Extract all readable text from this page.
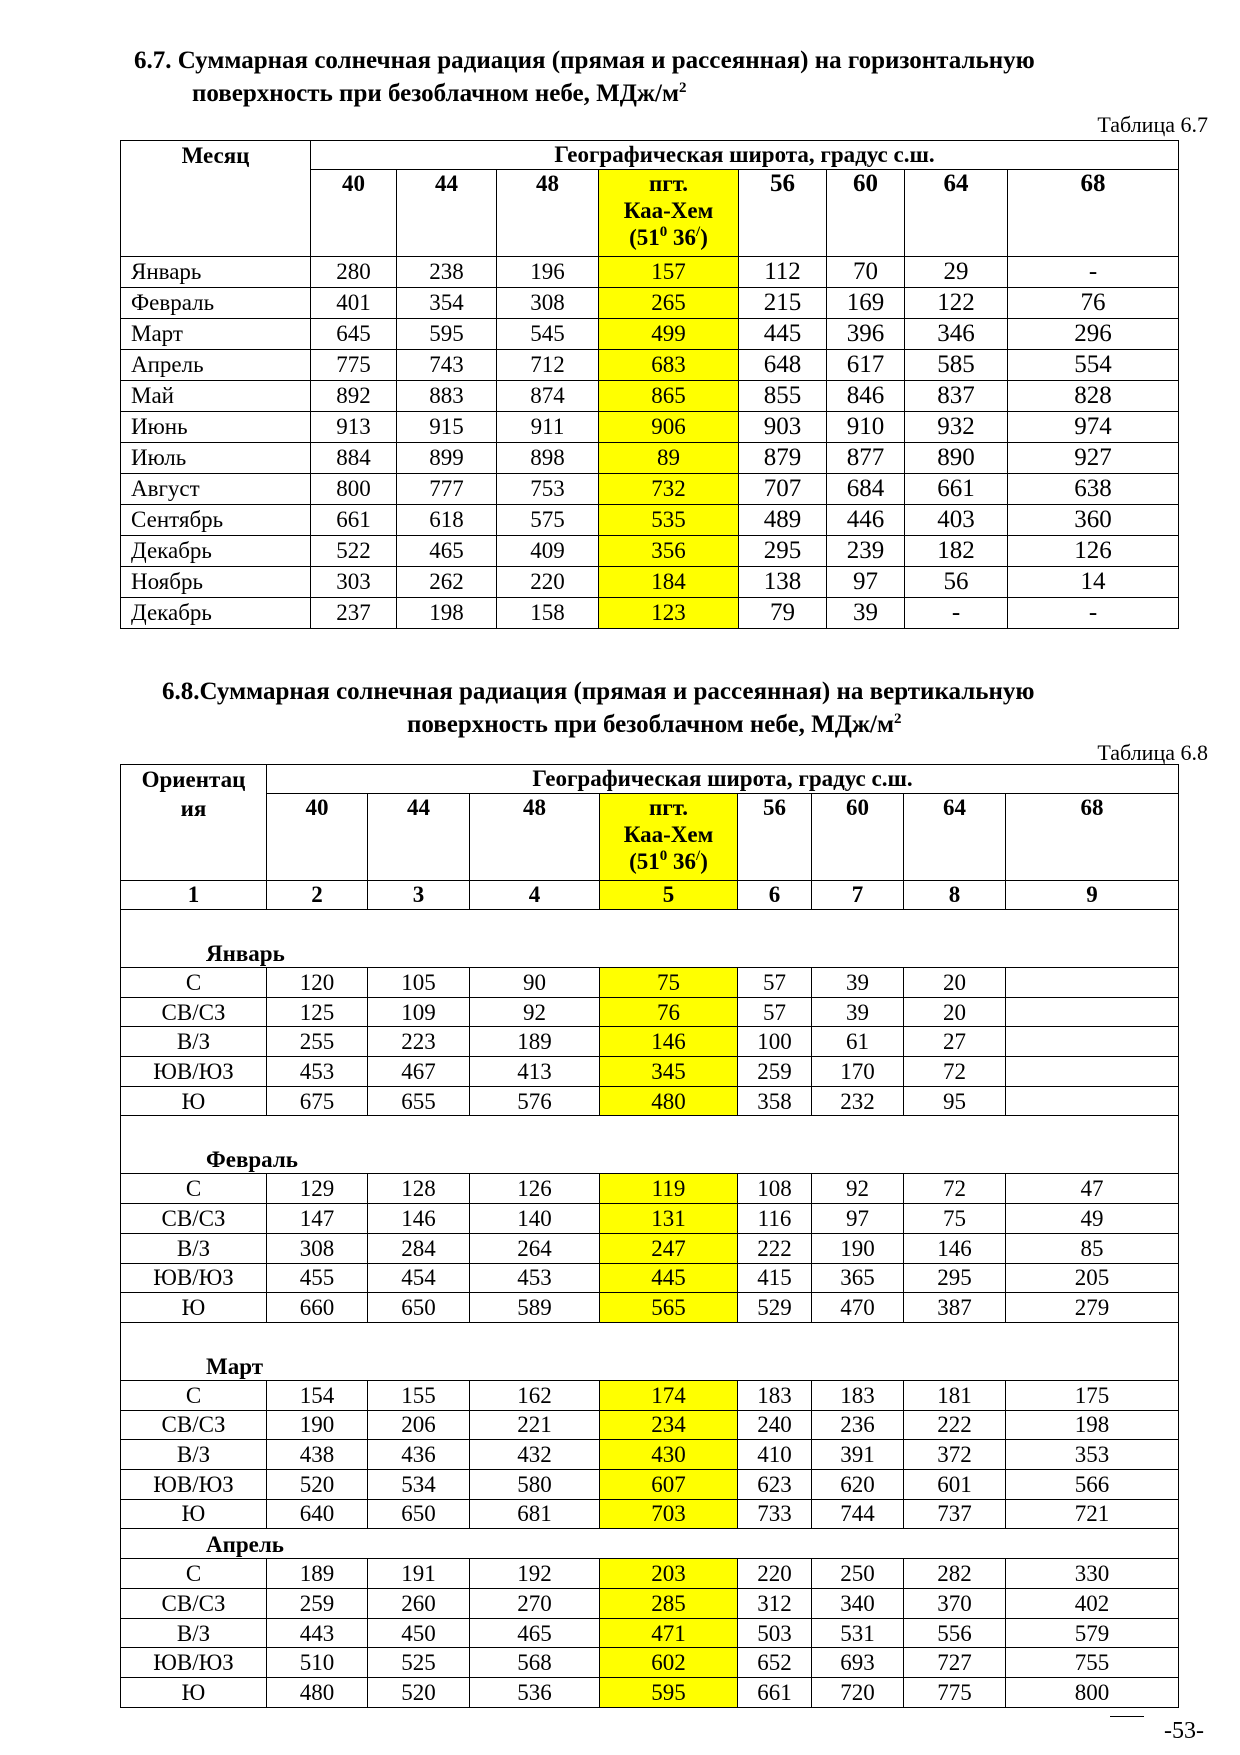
6.7. Суммарная солнечная радиация (прямая и рассеянная) на горизонтальную
поверхность при безоблачном небе, МДж/$м^2$
Таблица 6.7
Месяц	Географическая широта, градус с.ш.							
	40	44	48	пгт.
Каа-Хем
($51^0$ 36/)	56	60	64	68
Январь	280	238	196	157	112	70	29	-
Февраль	401	354	308	265	215	169	122	76
Март	645	595	545	499	445	396	346	296
Апрель	775	743	712	683	648	617	585	554
Май	892	883	874	865	855	846	837	828
Июнь	913	915	911	906	903	910	932	974
Июль	884	899	898	89	879	877	890	927
Август	800	777	753	732	707	684	661	638
Сентябрь	661	618	575	535	489	446	403	360
Декабрь	522	465	409	356	295	239	182	126
Ноябрь	303	262	220	184	138	97	56	14
Декабрь	237	198	158	123	79	39	-	-
6.8.Суммарная солнечная радиация (прямая и рассеянная) на вертикальную
поверхность при безоблачном небе, МДж/$м^2$
Таблица 6.8
Ориентац
ия	Географическая широта, градус с.ш.							
	40	44	48	пгт.
Каа-Хем
($51^0$ 36/)	56	60	64	68
1	2	3	4	5	6	7	8	9
Январь								
С	120	105	90	75	57	39	20	
СВ/СЗ	125	109	92	76	57	39	20	
В/З	255	223	189	146	100	61	27	
ЮВ/ЮЗ	453	467	413	345	259	170	72	
Ю	675	655	576	480	358	232	95	
Февраль								
С	129	128	126	119	108	92	72	47
СВ/СЗ	147	146	140	131	116	97	75	49
В/З	308	284	264	247	222	190	146	85
ЮВ/ЮЗ	455	454	453	445	415	365	295	205
Ю	660	650	589	565	529	470	387	279
Март								
С	154	155	162	174	183	183	181	175
СВ/СЗ	190	206	221	234	240	236	222	198
В/З	438	436	432	430	410	391	372	353
ЮВ/ЮЗ	520	534	580	607	623	620	601	566
Ю	640	650	681	703	733	744	737	721
Апрель								
С	189	191	192	203	220	250	282	330
СВ/СЗ	259	260	270	285	312	340	370	402
В/З	443	450	465	471	503	531	556	579
ЮВ/ЮЗ	510	525	568	602	652	693	727	755
Ю	480	520	536	595	661	720	775	800
-53-
